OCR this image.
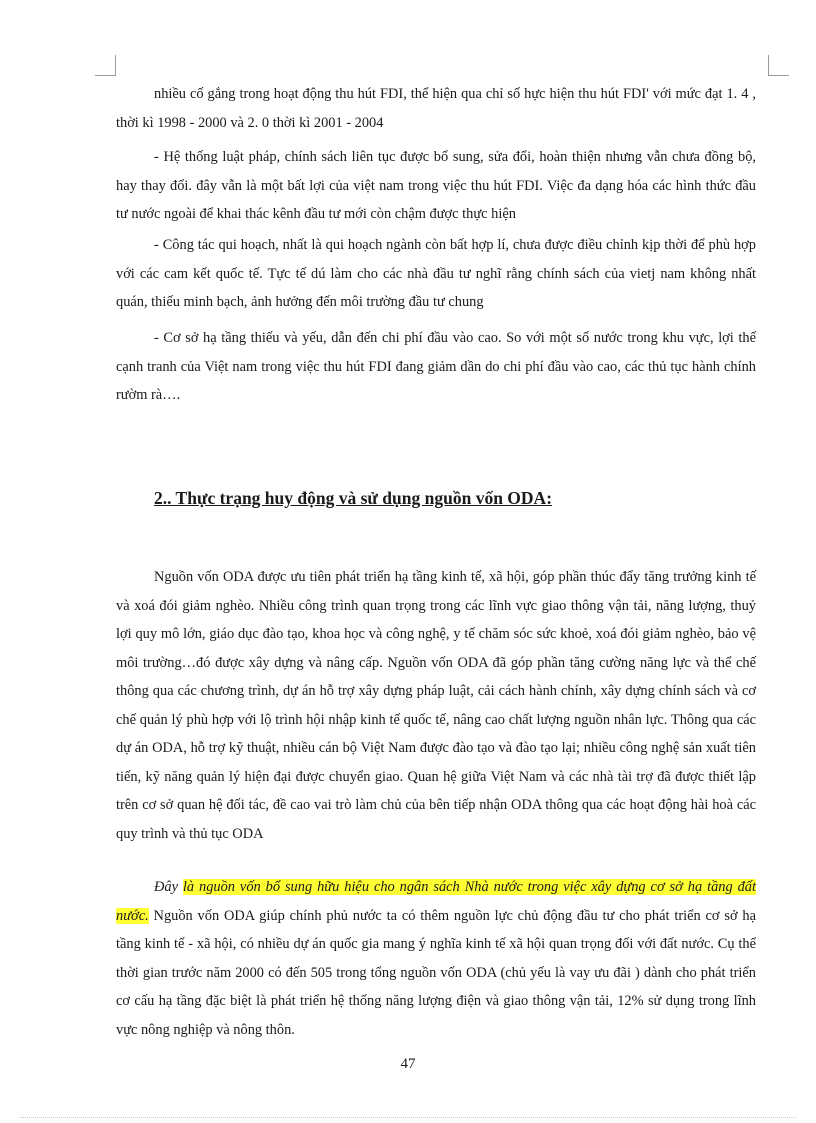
nhiều cố gắng trong hoạt động thu hút FDI, thể hiện qua chỉ số hực hiện thu hút FDI' với mức đạt 1. 4 , thời kì 1998 - 2000 và 2. 0 thời kì 2001 - 2004

- Hệ thống luật pháp, chính sách liên tục được bổ sung, sửa đổi, hoàn thiện nhưng vẫn chưa đồng bộ, hay thay đổi. đây vẫn là một bất lợi của việt nam trong việc thu hút FDI. Việc đa dạng hóa các hình thức đầu tư nước ngoài để khai thác kênh đầu tư mới còn chậm được thực hiện

- Công tác qui hoạch, nhất là qui hoạch ngành còn bất hợp lí, chưa được điều chỉnh kịp thời để phù hợp với các cam kết quốc tế. Tực tế dú làm cho các nhà đầu tư nghĩ rằng chính sách của vietj nam không nhất quán, thiếu minh bạch, ảnh hưởng đến môi trường đầu tư chung

- Cơ sở hạ tầng thiếu và yếu, dẫn đến chi phí đầu vào cao. So với một số nước trong khu vực, lợi thế cạnh tranh của Việt nam trong việc thu hút FDI đang giảm dần do chi phí đầu vào cao, các thủ tục hành chính rườm rà….

2.. Thực trạng huy động và sử dụng nguồn vốn ODA:

Nguồn vốn ODA được ưu tiên phát triển hạ tầng kinh tế, xã hội, góp phần thúc đẩy tăng trưởng kinh tế và xoá đói giảm nghèo. Nhiều công trình quan trọng trong các lĩnh vực giao thông vận tải, năng lượng, thuỷ lợi quy mô lớn, giáo dục đào tạo, khoa học và công nghệ, y tế chăm sóc sức khoẻ, xoá đói giảm nghèo, bảo vệ môi trường…đó được xây dựng và nâng cấp. Nguồn vốn ODA đã góp phần tăng cường năng lực và thể chế thông qua các chương trình, dự án hỗ trợ xây dựng pháp luật, cải cách hành chính, xây dựng chính sách và cơ chế quản lý phù hợp với lộ trình hội nhập kinh tế quốc tế, nâng cao chất lượng nguồn nhân lực. Thông qua các dự án ODA, hỗ trợ kỹ thuật, nhiều cán bộ Việt Nam được đào tạo và đào tạo lại; nhiều công nghệ sản xuất tiên tiến, kỹ năng quản lý hiện đại được chuyển giao. Quan hệ giữa Việt Nam và các nhà tài trợ đã được thiết lập trên cơ sở quan hệ đối tác, đề cao vai trò làm chủ của bên tiếp nhận ODA thông qua các hoạt động hài hoà các quy trình và thủ tục ODA

Đây là nguồn vốn bổ sung hữu hiệu cho ngân sách Nhà nước trong việc xây dựng cơ sở hạ tầng đất nước. Nguồn vốn ODA giúp chính phủ nước ta có thêm nguồn lực chủ động đầu tư cho phát triển cơ sở hạ tầng kinh tế - xã hội, có nhiều dự án quốc gia mang ý nghĩa kinh tế xã hội quan trọng đối với đất nước. Cụ thể thời gian trước năm 2000 có đến 505 trong tổng nguồn vốn ODA (chủ yếu là vay ưu đãi ) dành cho phát triển cơ cấu hạ tầng đặc biệt là phát triển hệ thống năng lượng điện và giao thông vận tải, 12% sử dụng trong lĩnh vực nông nghiệp và nông thôn.

47
